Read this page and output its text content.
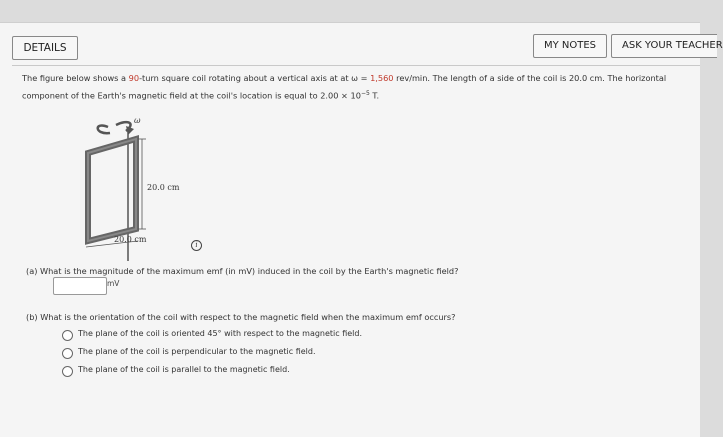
DETAILS	MY NOTES	ASK YOUR TEACHER
The figure below shows a 90-turn square coil rotating about a vertical axis at at ω = 1,560 rev/min. The length of a side of the coil is 20.0 cm. The horizontal
component of the Earth's magnetic field at the coil's location is equal to $2.00 \times 10^{-5}$ T.
ω
20.0 cm
20.0 cm
i
(a) What is the magnitude of the maximum emf (in mV) induced in the coil by the Earth's magnetic field?
mV
(b) What is the orientation of the coil with respect to the magnetic field when the maximum emf occurs?
The plane of the coil is oriented 45° with respect to the magnetic field.
The plane of the coil is perpendicular to the magnetic field.
The plane of the coil is parallel to the magnetic field.
